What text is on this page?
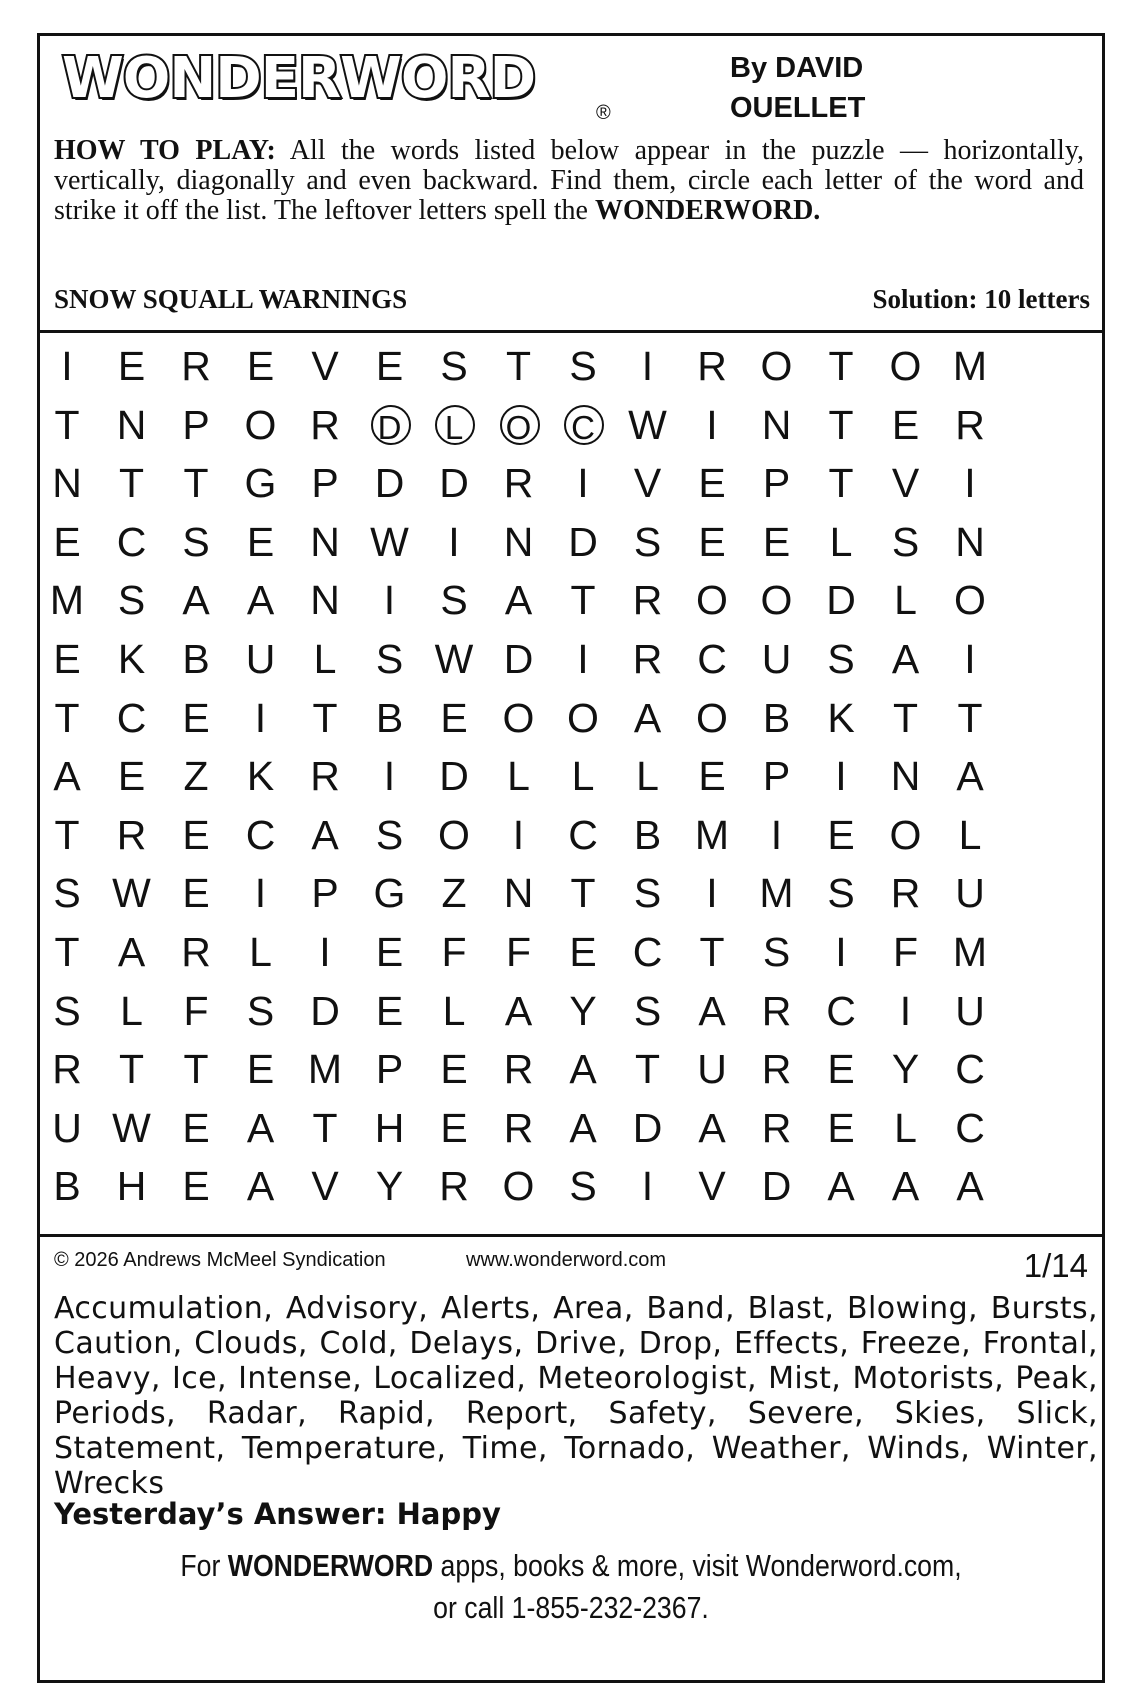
WONDERWORD
®
By DAVID
OUELLET
HOW TO PLAY: All the words listed below appear in the puzzle — horizontally, vertically, diagonally and even backward. Find them, circle each letter of the word and strike it off the list. The leftover letters spell the WONDERWORD.
SNOW SQUALL WARNINGS	Solution: 10 letters
I	E R E V E S T S	I	R O T O M
T N P O R	D	L	O	C W I	N T E R
N T T G P D D R	I	V E P T V	I
E C S E N W I	N D S E E L S N
M S A A N	I	S A T R O O D L O
E K B U L S W D	I	R C U S A	I
T C E	I	T B E O O A O B K T T
A E Z K R	I	D L	L	L E P	I	N A
T R E C A S O	I	C B M	I	E O L
S W E	I	P G Z N T S	I	M S R U
T A R L	I	E F F E C T S	I	F M
S L F S D E L A Y S A R C	I	U
R T T E M P E R A T U R E Y C
U W E A T H E R A D A R E L C
B H E A V Y R O S	I	V D A A A
© 2026 Andrews McMeel Syndication	www.wonderword.com	1/14
Accumulation, Advisory, Alerts, Area, Band, Blast, Blowing, Bursts, Caution, Clouds, Cold, Delays, Drive, Drop, Effects, Freeze, Frontal, Heavy, Ice, Intense, Localized, Meteorologist, Mist, Motorists, Peak, Periods, Radar, Rapid, Report, Safety, Severe, Skies, Slick, Statement, Temperature, Time, Tornado, Weather, Winds, Winter, Wrecks
Yesterday’s Answer: Happy
For WONDERWORD apps, books & more, visit Wonderword.com,
or call 1-855-232-2367.
